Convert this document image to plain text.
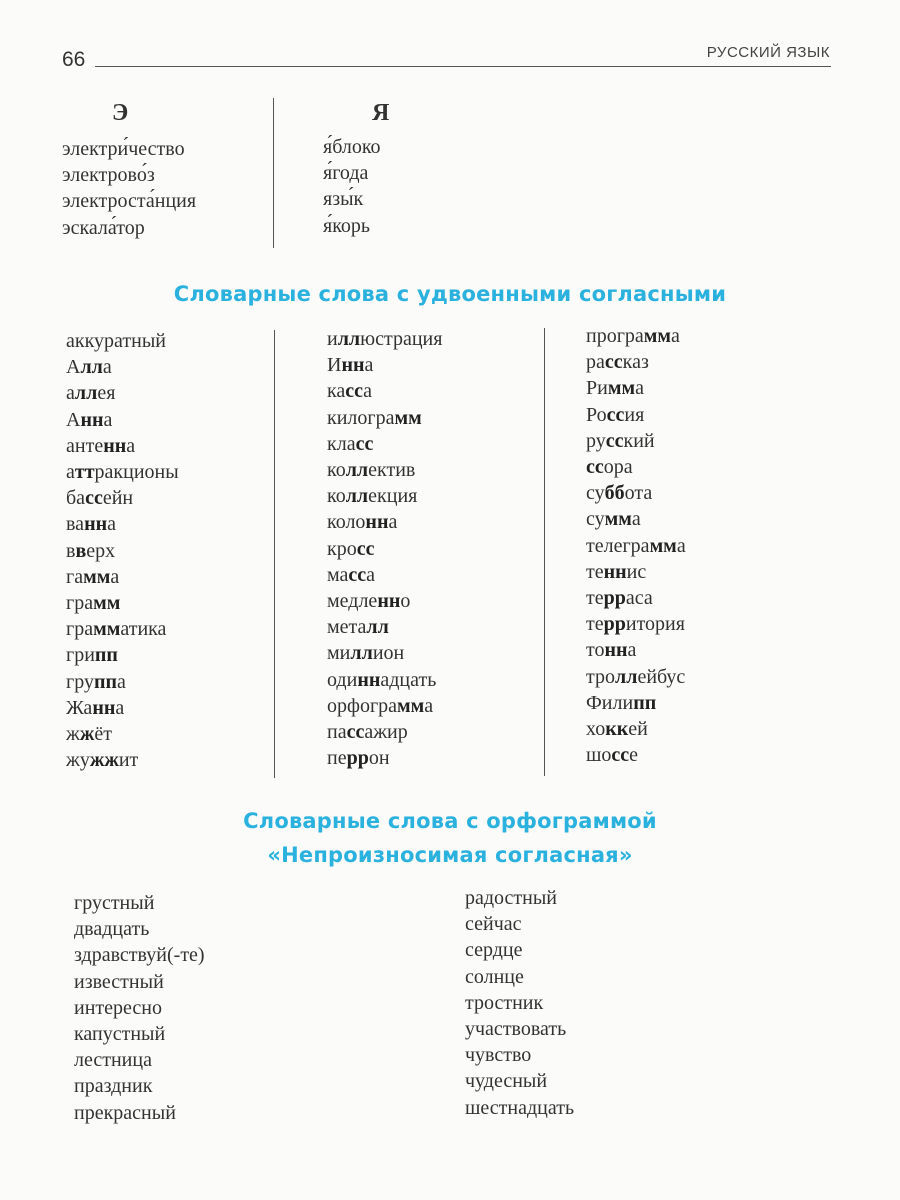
66	РУССКИЙ ЯЗЫК
Э	Я
электри́чество
электрово́з
электроста́нция
эскала́тор
я́блоко
я́года
язы́к
я́корь
Словарные слова с удвоенными согласными
аккуратный
Алла
аллея
Анна
антенна
аттракционы
бассейн
ванна
вверх
гамма
грамм
грамматика
грипп
группа
Жанна
жжёт
жужжит
иллюстрация
Инна
касса
килограмм
класс
коллектив
коллекция
колонна
кросс
масса
медленно
металл
миллион
одиннадцать
орфограмма
пассажир
перрон
программа
рассказ
Римма
Россия
русский
ссора
суббота
сумма
телеграмма
теннис
терраса
территория
тонна
троллейбус
Филипп
хоккей
шоссе
Словарные слова с орфограммой
«Непроизносимая согласная»
грустный
двадцать
здравствуй(-те)
известный
интересно
капустный
лестница
праздник
прекрасный
радостный
сейчас
сердце
солнце
тростник
участвовать
чувство
чудесный
шестнадцать
